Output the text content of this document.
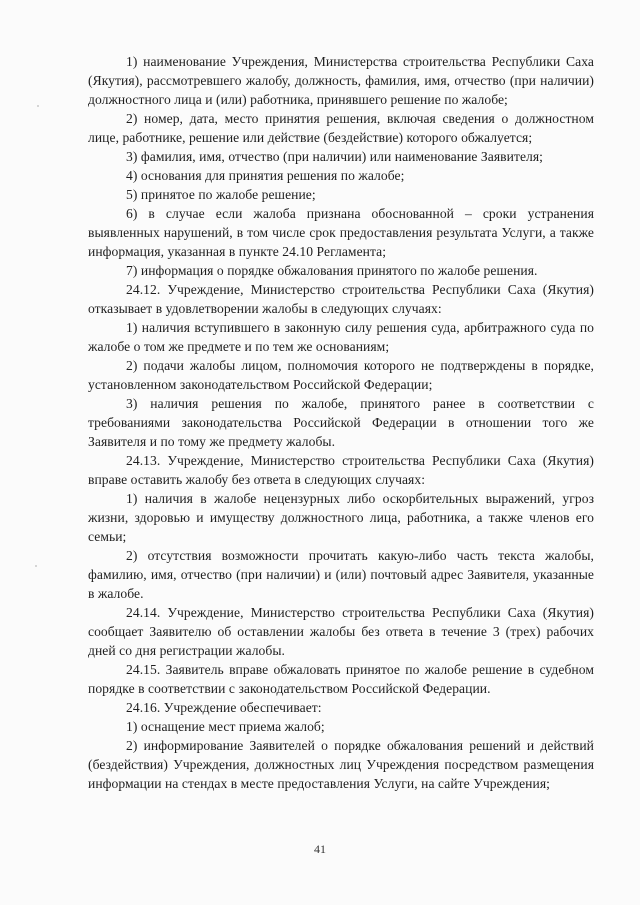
1) наименование Учреждения, Министерства строительства Республики Саха (Якутия), рассмотревшего жалобу, должность, фамилия, имя, отчество (при наличии) должностного лица и (или) работника, принявшего решение по жалобе;

2) номер, дата, место принятия решения, включая сведения о должностном лице, работнике, решение или действие (бездействие) которого обжалуется;

3) фамилия, имя, отчество (при наличии) или наименование Заявителя;

4) основания для принятия решения по жалобе;

5) принятое по жалобе решение;

6) в случае если жалоба признана обоснованной – сроки устранения выявленных нарушений, в том числе срок предоставления результата Услуги, а также информация, указанная в пункте 24.10 Регламента;

7) информация о порядке обжалования принятого по жалобе решения.

24.12. Учреждение, Министерство строительства Республики Саха (Якутия) отказывает в удовлетворении жалобы в следующих случаях:

1) наличия вступившего в законную силу решения суда, арбитражного суда по жалобе о том же предмете и по тем же основаниям;

2) подачи жалобы лицом, полномочия которого не подтверждены в порядке, установленном законодательством Российской Федерации;

3) наличия решения по жалобе, принятого ранее в соответствии с требованиями законодательства Российской Федерации в отношении того же Заявителя и по тому же предмету жалобы.

24.13. Учреждение, Министерство строительства Республики Саха (Якутия) вправе оставить жалобу без ответа в следующих случаях:

1) наличия в жалобе нецензурных либо оскорбительных выражений, угроз жизни, здоровью и имуществу должностного лица, работника, а также членов его семьи;

2) отсутствия возможности прочитать какую-либо часть текста жалобы, фамилию, имя, отчество (при наличии) и (или) почтовый адрес Заявителя, указанные в жалобе.

24.14. Учреждение, Министерство строительства Республики Саха (Якутия) сообщает Заявителю об оставлении жалобы без ответа в течение 3 (трех) рабочих дней со дня регистрации жалобы.

24.15. Заявитель вправе обжаловать принятое по жалобе решение в судебном порядке в соответствии с законодательством Российской Федерации.

24.16. Учреждение обеспечивает:

1) оснащение мест приема жалоб;

2) информирование Заявителей о порядке обжалования решений и действий (бездействия) Учреждения, должностных лиц Учреждения посредством размещения информации на стендах в месте предоставления Услуги, на сайте Учреждения;

41
